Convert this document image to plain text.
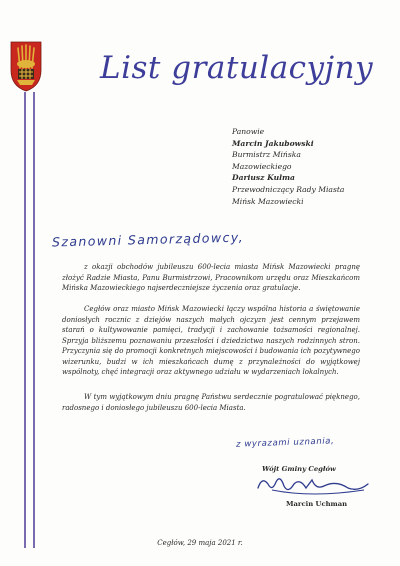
List gratulacyjny
Panowie
Marcin Jakubowski
Burmistrz Mińska
Mazowieckiego
Dariusz Kulma
Przewodniczący Rady Miasta
Mińsk Mazowiecki
Szanowni Samorządowcy,

z okazji obchodów jubileuszu 600-lecia miasta Mińsk Mazowiecki pragnę złożyć Radzie Miasta, Panu Burmistrzowi, Pracownikom urzędu oraz Mieszkańcom Mińska Mazowieckiego najserdeczniejsze życzenia oraz gratulacje.

Cegłów oraz miasto Mińsk Mazowiecki łączy wspólna historia a świętowanie doniosłych rocznic z dziejów naszych małych ojczyzn jest cennym przejawem starań o kultywowanie pamięci, tradycji i zachowanie tożsamości regionalnej. Sprzyja bliższemu poznawaniu przeszłości i dziedzictwa naszych rodzinnych stron. Przyczynia się do promocji konkretnych miejscowości i budowania ich pozytywnego wizerunku, budzi w ich mieszkańcach dumę z przynależności do wyjątkowej wspólnoty, chęć integracji oraz aktywnego udziału w wydarzeniach lokalnych.

W tym wyjątkowym dniu pragnę Państwu serdecznie pogratulować pięknego, radosnego i doniosłego jubileuszu 600-lecia Miasta.

z wyrazami uznania,
Wójt Gminy Cegłów
Marcin Uchman
Cegłów, 29 maja 2021 r.
